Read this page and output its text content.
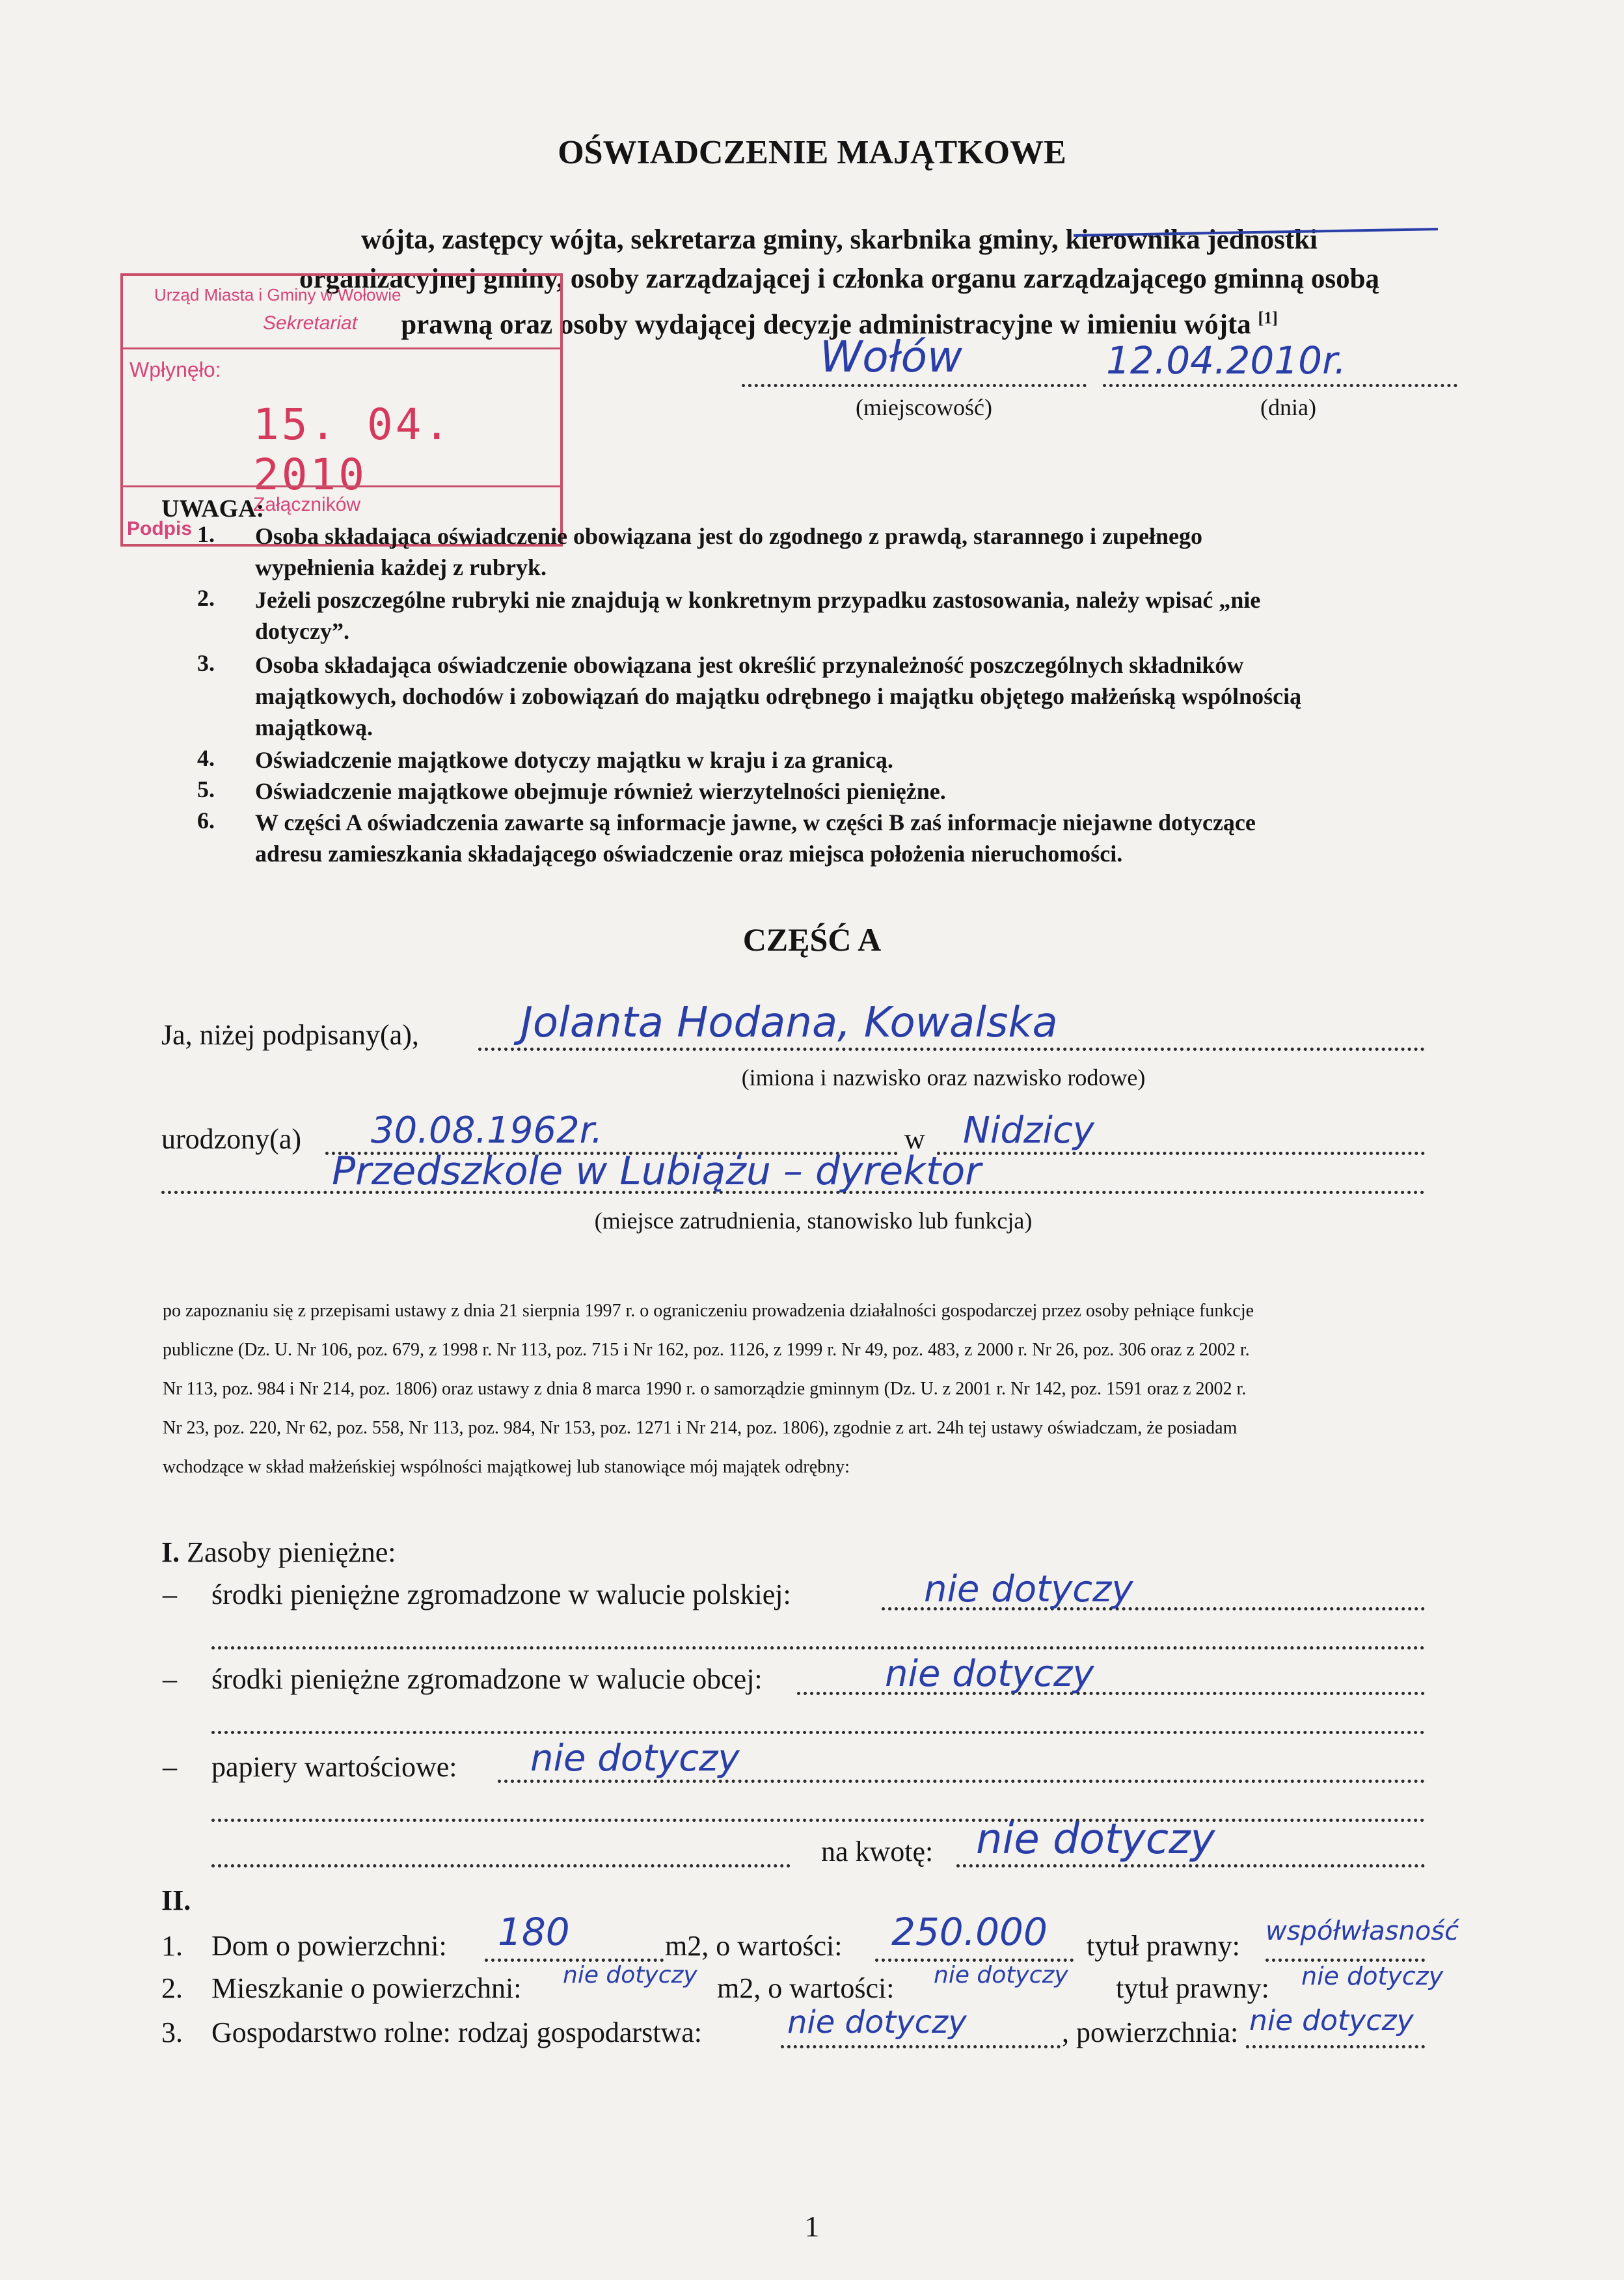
OŚWIADCZENIE MAJĄTKOWE
wójta, zastępcy wójta, sekretarza gminy, skarbnika gminy, kierownika jednostki
organizacyjnej gminy, osoby zarządzającej i członka organu zarządzającego gminną osobą
prawną oraz osoby wydającej decyzje administracyjne w imieniu wójta [1]
Urząd Miasta i Gminy w Wołowie
Sekretariat
Wpłynęło:
15. 04. 2010
Załączników
Podpis
Wołów	12.04.2010r.
(miejscowość)	(dnia)
UWAGA:
1. Osoba składająca oświadczenie obowiązana jest do zgodnego z prawdą, starannego i zupełnego
wypełnienia każdej z rubryk.
2. Jeżeli poszczególne rubryki nie znajdują w konkretnym przypadku zastosowania, należy wpisać „nie
dotyczy”.
3. Osoba składająca oświadczenie obowiązana jest określić przynależność poszczególnych składników
majątkowych, dochodów i zobowiązań do majątku odrębnego i majątku objętego małżeńską wspólnością
majątkową.
4. Oświadczenie majątkowe dotyczy majątku w kraju i za granicą.
5. Oświadczenie majątkowe obejmuje również wierzytelności pieniężne.
6. W części A oświadczenia zawarte są informacje jawne, w części B zaś informacje niejawne dotyczące
adresu zamieszkania składającego oświadczenie oraz miejsca położenia nieruchomości.
CZĘŚĆ A
Ja, niżej podpisany(a), Jolanta Hodana, Kowalska
(imiona i nazwisko oraz nazwisko rodowe)
urodzony(a) 30.08.1962r.	w Nidzicy
Przedszkole w Lubiążu – dyrektor
(miejsce zatrudnienia, stanowisko lub funkcja)
po zapoznaniu się z przepisami ustawy z dnia 21 sierpnia 1997 r. o ograniczeniu prowadzenia działalności gospodarczej przez osoby pełniące funkcje
publiczne (Dz. U. Nr 106, poz. 679, z 1998 r. Nr 113, poz. 715 i Nr 162, poz. 1126, z 1999 r. Nr 49, poz. 483, z 2000 r. Nr 26, poz. 306 oraz z 2002 r.
Nr 113, poz. 984 i Nr 214, poz. 1806) oraz ustawy z dnia 8 marca 1990 r. o samorządzie gminnym (Dz. U. z 2001 r. Nr 142, poz. 1591 oraz z 2002 r.
Nr 23, poz. 220, Nr 62, poz. 558, Nr 113, poz. 984, Nr 153, poz. 1271 i Nr 214, poz. 1806), zgodnie z art. 24h tej ustawy oświadczam, że posiadam
wchodzące w skład małżeńskiej wspólności majątkowej lub stanowiące mój majątek odrębny:
I. Zasoby pieniężne:
– środki pieniężne zgromadzone w walucie polskiej:	nie dotyczy
– środki pieniężne zgromadzone w walucie obcej:	nie dotyczy
– papiery wartościowe: nie dotyczy
na kwotę: nie dotyczy
II.
1. Dom o powierzchni: 180	m2, o wartości: 250.000 tytuł prawny: współwłasność
2. Mieszkanie o powierzchni: nie dotyczy m2, o wartości: nie dotyczy tytuł prawny: nie dotyczy
3. Gospodarstwo rolne: rodzaj gospodarstwa:	nie dotyczy	, powierzchnia: nie dotyczy
1
